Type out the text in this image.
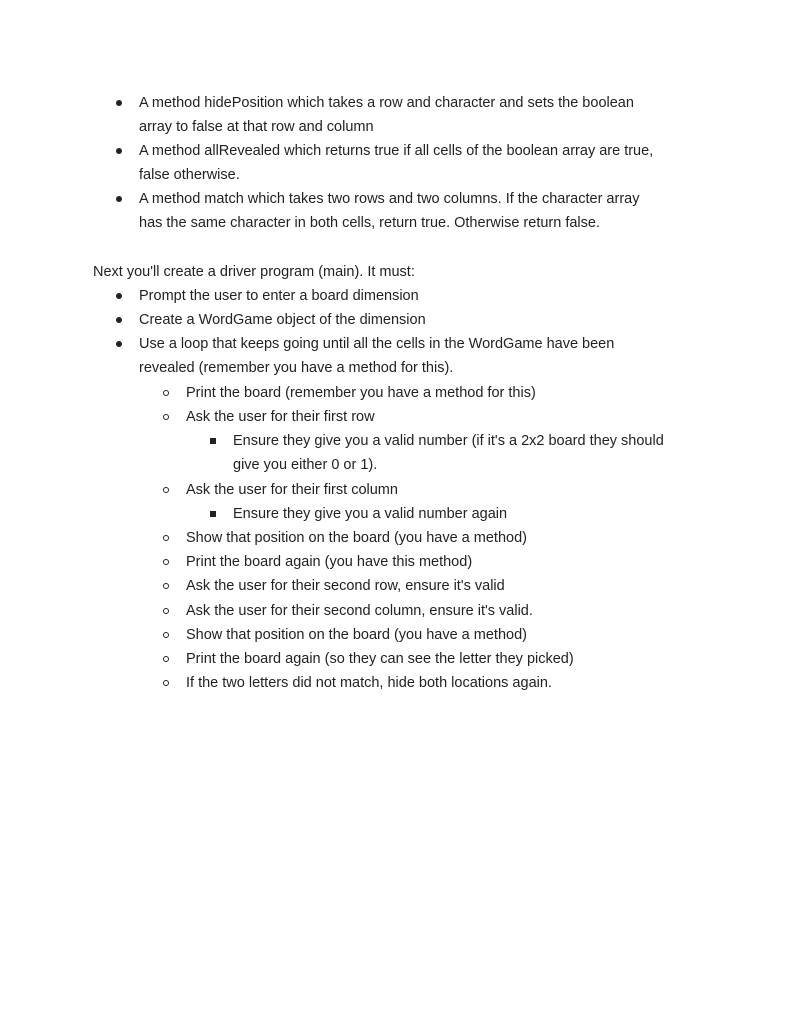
A method hidePosition which takes a row and character and sets the boolean
array to false at that row and column
A method allRevealed which returns true if all cells of the boolean array are true,
false otherwise.
A method match which takes two rows and two columns. If the character array
has the same character in both cells, return true. Otherwise return false.
Next you'll create a driver program (main). It must:
Prompt the user to enter a board dimension
Create a WordGame object of the dimension
Use a loop that keeps going until all the cells in the WordGame have been
revealed (remember you have a method for this).
Print the board (remember you have a method for this)
Ask the user for their first row
Ensure they give you a valid number (if it's a 2x2 board they should
give you either 0 or 1).
Ask the user for their first column
Ensure they give you a valid number again
Show that position on the board (you have a method)
Print the board again (you have this method)
Ask the user for their second row, ensure it's valid
Ask the user for their second column, ensure it's valid.
Show that position on the board (you have a method)
Print the board again (so they can see the letter they picked)
If the two letters did not match, hide both locations again.
